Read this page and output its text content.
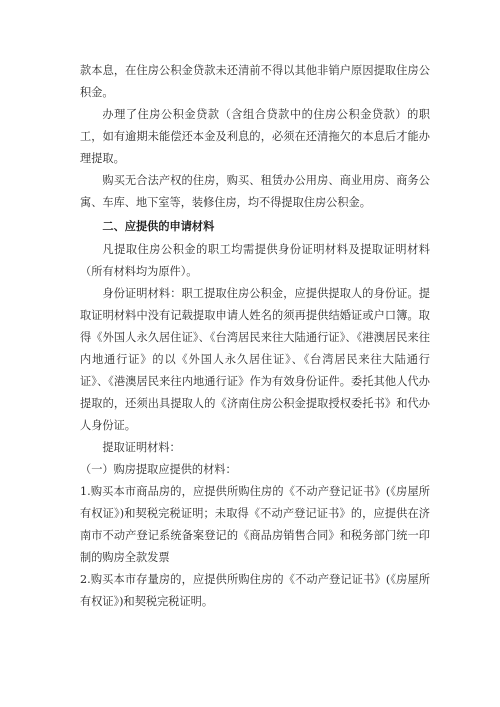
款本息，在住房公积金贷款未还清前不得以其他非销户原因提取住房公积金。

办理了住房公积金贷款（含组合贷款中的住房公积金贷款）的职工，如有逾期未能偿还本金及利息的，必须在还清拖欠的本息后才能办理提取。

购买无合法产权的住房，购买、租赁办公用房、商业用房、商务公寓、车库、地下室等，装修住房，均不得提取住房公积金。

二、应提供的申请材料

凡提取住房公积金的职工均需提供身份证明材料及提取证明材料（所有材料均为原件）。

身份证明材料：职工提取住房公积金，应提供提取人的身份证。提取证明材料中没有记载提取申请人姓名的须再提供结婚证或户口簿。取得《外国人永久居住证》、《台湾居民来往大陆通行证》、《港澳居民来往内地通行证》的以《外国人永久居住证》、《台湾居民来往大陆通行证》、《港澳居民来往内地通行证》作为有效身份证件。委托其他人代办提取的，还须出具提取人的《济南住房公积金提取授权委托书》和代办人身份证。

提取证明材料：

（一）购房提取应提供的材料：

1.购买本市商品房的，应提供所购住房的《不动产登记证书》(《房屋所有权证》)和契税完税证明；未取得《不动产登记证书》的，应提供在济南市不动产登记系统备案登记的《商品房销售合同》和税务部门统一印制的购房全款发票

2.购买本市存量房的，应提供所购住房的《不动产登记证书》(《房屋所有权证》)和契税完税证明。
